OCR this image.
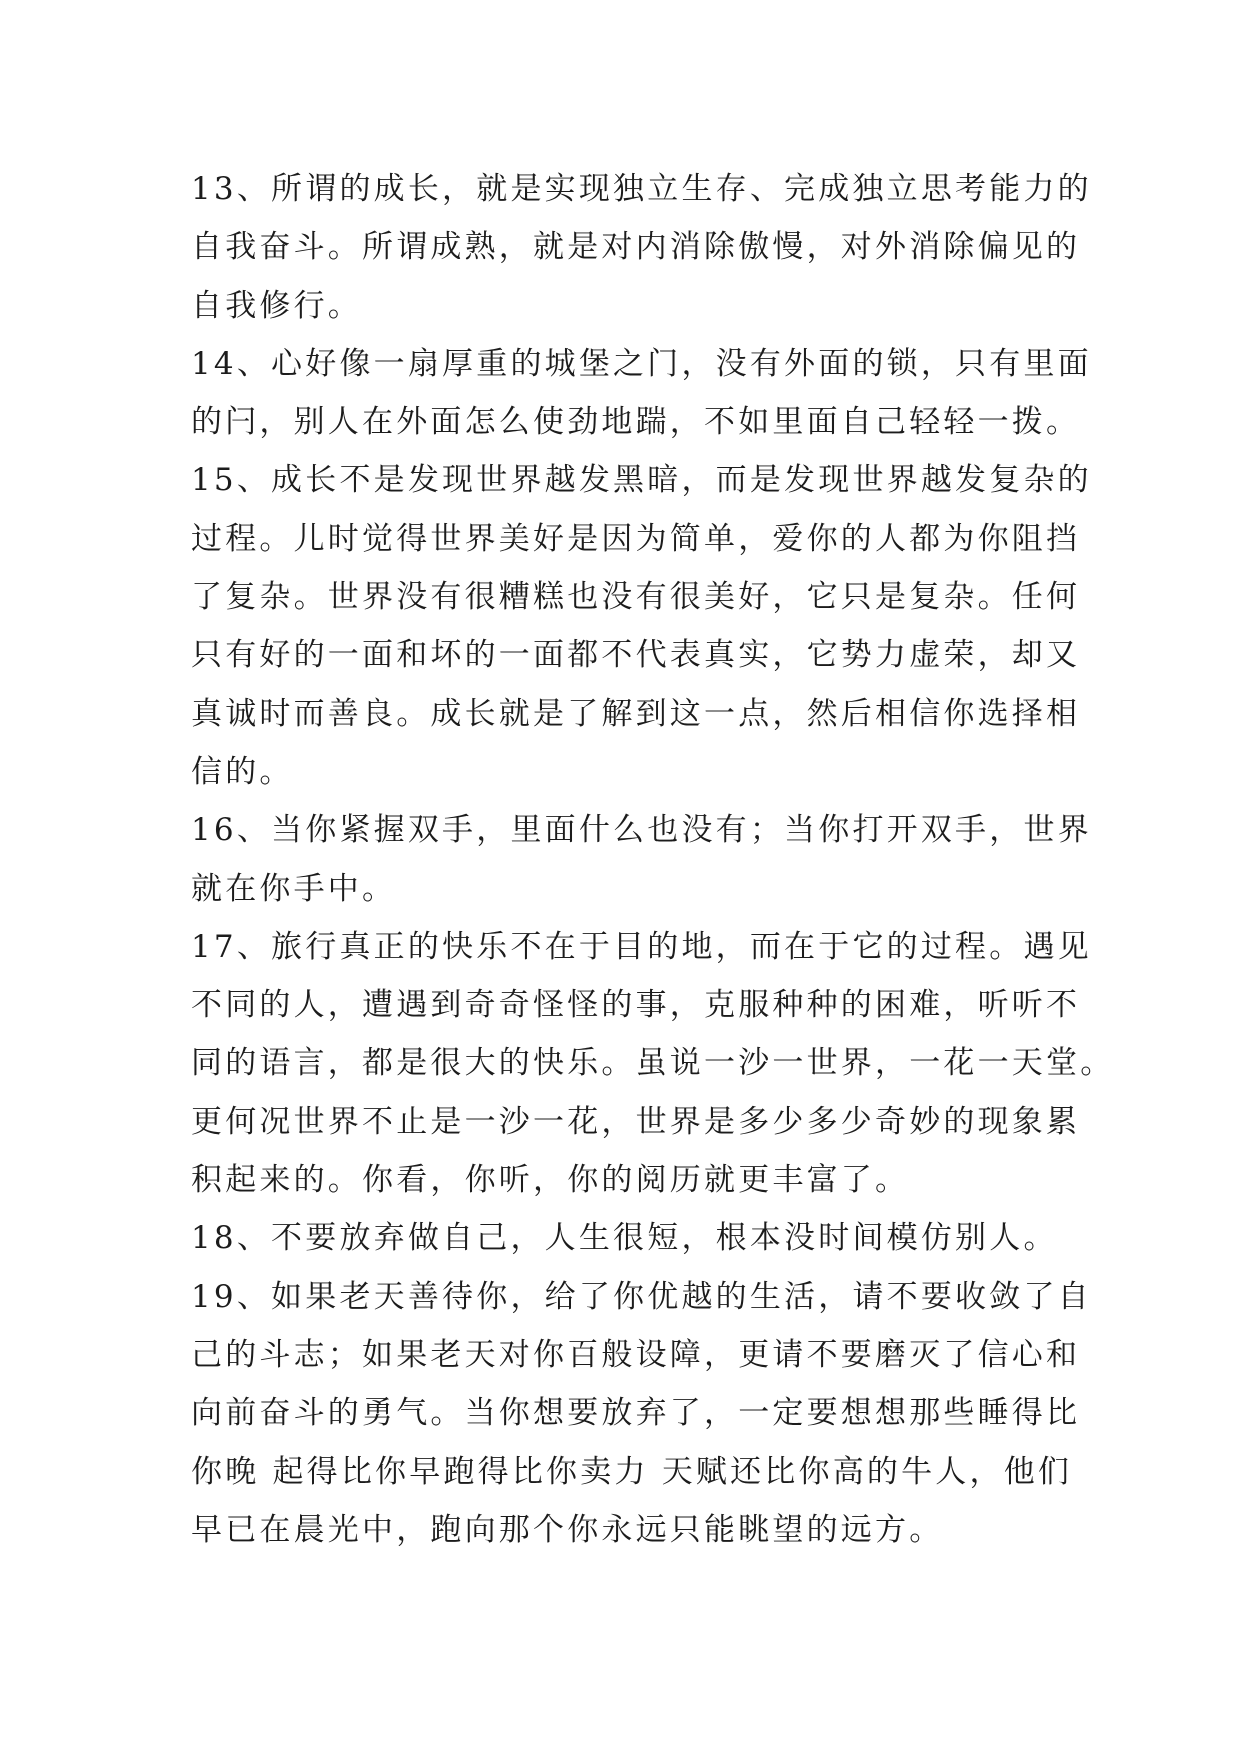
13、所谓的成长，就是实现独立生存、完成独立思考能力的
自我奋斗。所谓成熟，就是对内消除傲慢，对外消除偏见的
自我修行。
14、心好像一扇厚重的城堡之门，没有外面的锁，只有里面
的闩，别人在外面怎么使劲地踹，不如里面自己轻轻一拨。
15、成长不是发现世界越发黑暗，而是发现世界越发复杂的
过程。儿时觉得世界美好是因为简单，爱你的人都为你阻挡
了复杂。世界没有很糟糕也没有很美好，它只是复杂。任何
只有好的一面和坏的一面都不代表真实，它势力虚荣，却又
真诚时而善良。成长就是了解到这一点，然后相信你选择相
信的。
16、当你紧握双手，里面什么也没有；当你打开双手，世界
就在你手中。
17、旅行真正的快乐不在于目的地，而在于它的过程。遇见
不同的人，遭遇到奇奇怪怪的事，克服种种的困难，听听不
同的语言，都是很大的快乐。虽说一沙一世界，一花一天堂。
更何况世界不止是一沙一花，世界是多少多少奇妙的现象累
积起来的。你看，你听，你的阅历就更丰富了。
18、不要放弃做自己，人生很短，根本没时间模仿别人。
19、如果老天善待你，给了你优越的生活，请不要收敛了自
己的斗志；如果老天对你百般设障，更请不要磨灭了信心和
向前奋斗的勇气。当你想要放弃了，一定要想想那些睡得比
你晚 起得比你早跑得比你卖力 天赋还比你高的牛人，他们
早已在晨光中，跑向那个你永远只能眺望的远方。
